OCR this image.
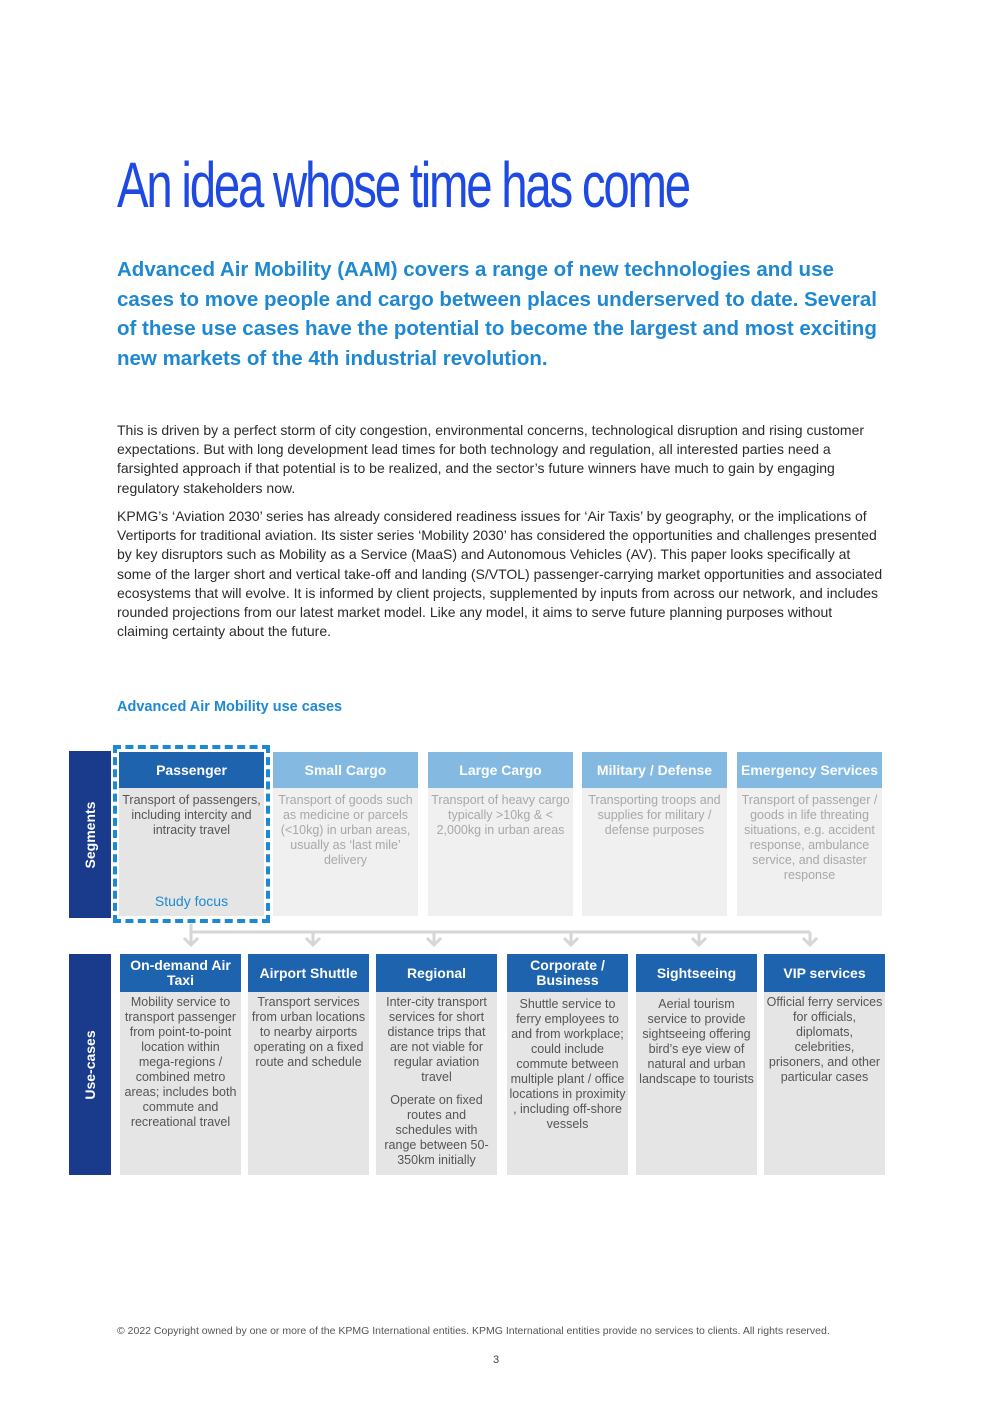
An idea whose time has come
Advanced Air Mobility (AAM) covers a range of new technologies and use cases to move people and cargo between places underserved to date. Several of these use cases have the potential to become the largest and most exciting new markets of the 4th industrial revolution.
This is driven by a perfect storm of city congestion, environmental concerns, technological disruption and rising customer expectations. But with long development lead times for both technology and regulation, all interested parties need a farsighted approach if that potential is to be realized, and the sector’s future winners have much to gain by engaging regulatory stakeholders now.
KPMG’s ‘Aviation 2030’ series has already considered readiness issues for ‘Air Taxis’ by geography, or the implications of Vertiports for traditional aviation. Its sister series ‘Mobility 2030’ has considered the opportunities and challenges presented by key disruptors such as Mobility as a Service (MaaS) and Autonomous Vehicles (AV). This paper looks specifically at some of the larger short and vertical take-off and landing (S/VTOL) passenger-carrying market opportunities and associated ecosystems that will evolve. It is informed by client projects, supplemented by inputs from across our network, and includes rounded projections from our latest market model. Like any model, it aims to serve future planning purposes without claiming certainty about the future.
Advanced Air Mobility use cases
Segments
Use-cases
Passenger
Transport of passengers, including intercity and intracity travel
Study focus
Small Cargo
Transport of goods such as medicine or parcels (<10kg) in urban areas, usually as ‘last mile’ delivery
Large Cargo
Transport of heavy cargo typically >10kg & < 2,000kg in urban areas
Military / Defense
Transporting troops and supplies for military / defense purposes
Emergency Services
Transport of passenger / goods in life threating situations, e.g. accident response, ambulance service, and disaster response
On-demand Air Taxi

Mobility service to transport passenger from point-to-point location within mega-regions / combined metro areas; includes both commute and recreational travel

Airport Shuttle

Transport services from urban locations to nearby airports operating on a fixed route and schedule

Regional

Inter-city transport services for short distance trips that are not viable for regular aviation travel

Operate on fixed routes and schedules with range between 50-350km initially

Corporate / Business

Shuttle service to ferry employees to and from workplace; could include commute between multiple plant / office locations in proximity , including off-shore vessels

Sightseeing

Aerial tourism service to provide sightseeing offering bird’s eye view of natural and urban landscape to tourists

VIP services

Official ferry services for officials, diplomats, celebrities, prisoners, and other particular cases

© 2022 Copyright owned by one or more of the KPMG International entities. KPMG International entities provide no services to clients. All rights reserved.
3
